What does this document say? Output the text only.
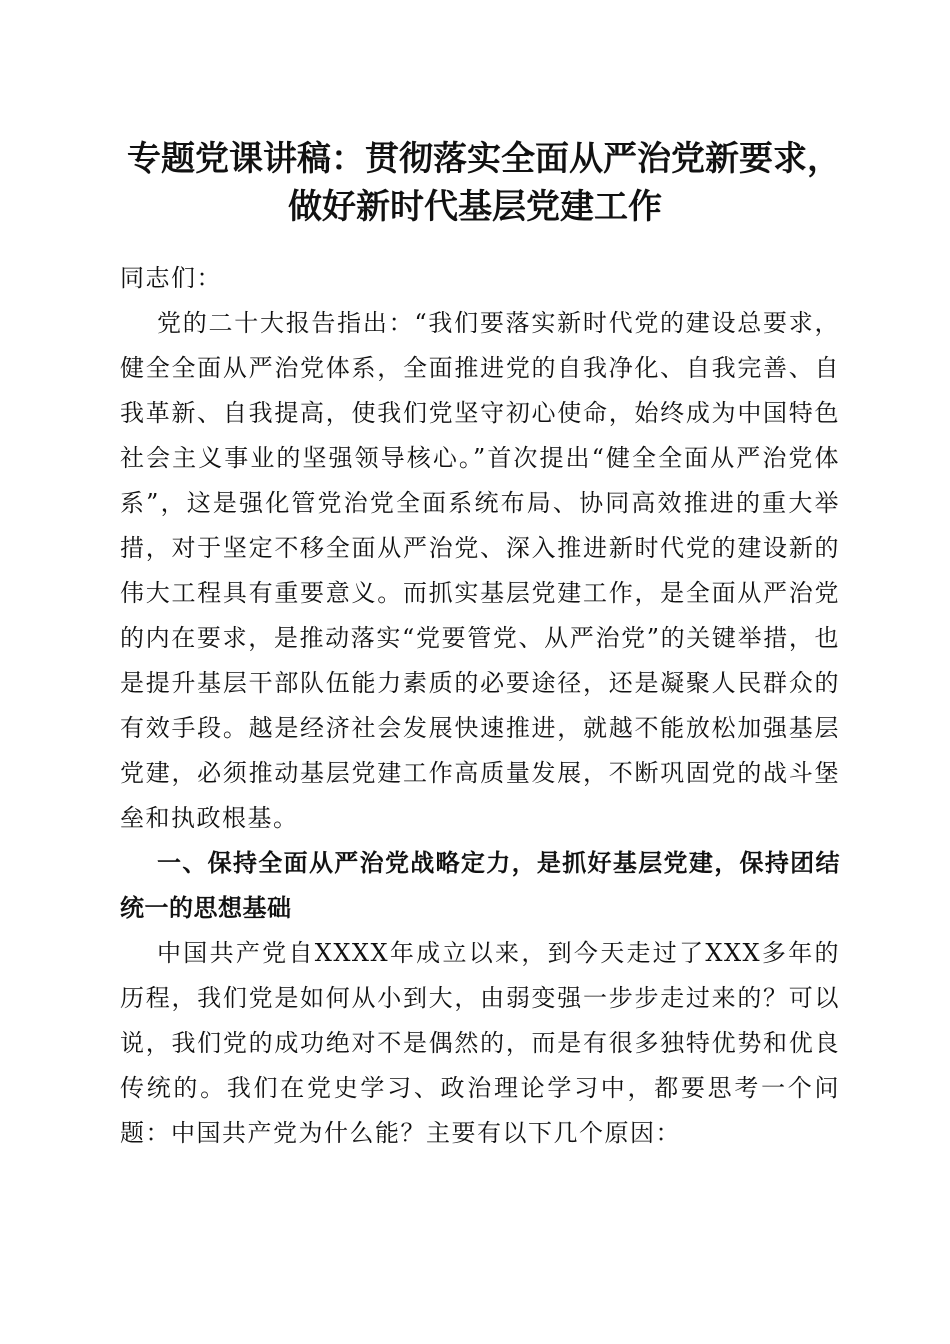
专题党课讲稿：贯彻落实全面从严治党新要求，
做好新时代基层党建工作

同志们：

党的二十大报告指出：“我们要落实新时代党的建设总要求，健全全面从严治党体系，全面推进党的自我净化、自我完善、自我革新、自我提高，使我们党坚守初心使命，始终成为中国特色社会主义事业的坚强领导核心。”首次提出“健全全面从严治党体系”，这是强化管党治党全面系统布局、协同高效推进的重大举措，对于坚定不移全面从严治党、深入推进新时代党的建设新的伟大工程具有重要意义。而抓实基层党建工作，是全面从严治党的内在要求，是推动落实“党要管党、从严治党”的关键举措，也是提升基层干部队伍能力素质的必要途径，还是凝聚人民群众的有效手段。越是经济社会发展快速推进，就越不能放松加强基层党建，必须推动基层党建工作高质量发展，不断巩固党的战斗堡垒和执政根基。

一、保持全面从严治党战略定力，是抓好基层党建，保持团结统一的思想基础

中国共产党自XXXX年成立以来，到今天走过了XXX多年的历程，我们党是如何从小到大，由弱变强一步步走过来的？可以说，我们党的成功绝对不是偶然的，而是有很多独特优势和优良传统的。我们在党史学习、政治理论学习中，都要思考一个问题：中国共产党为什么能？主要有以下几个原因：
